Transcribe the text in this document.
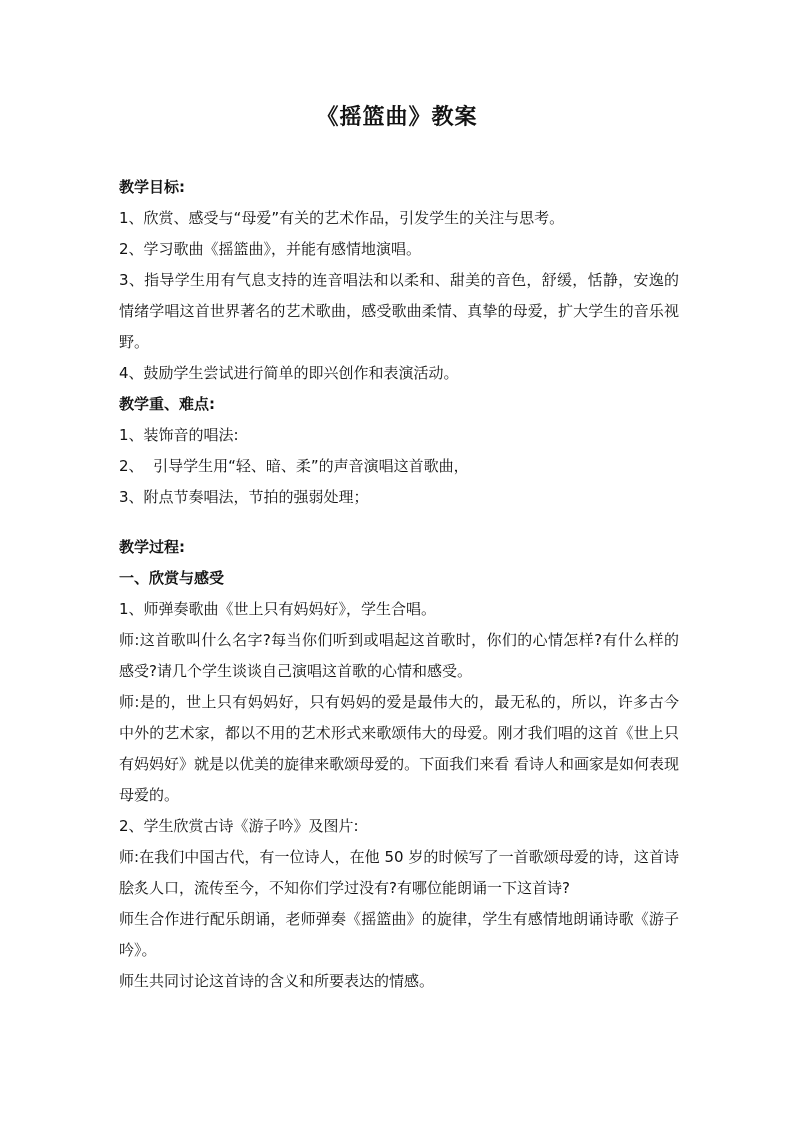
《摇篮曲》教案

教学目标:

1、欣赏、感受与“母爱”有关的艺术作品，引发学生的关注与思考。

2、学习歌曲《摇篮曲》，并能有感情地演唱。

3、指导学生用有气息支持的连音唱法和以柔和、甜美的音色，舒缓，恬静，安逸的情绪学唱这首世界著名的艺术歌曲，感受歌曲柔情、真挚的母爱，扩大学生的音乐视野。

4、鼓励学生尝试进行简单的即兴创作和表演活动。

教学重、难点:

1、装饰音的唱法:

2、  引导学生用“轻、暗、柔”的声音演唱这首歌曲，

3、附点节奏唱法，节拍的强弱处理；

教学过程:

一、欣赏与感受

1、师弹奏歌曲《世上只有妈妈好》，学生合唱。

师:这首歌叫什么名字?每当你们听到或唱起这首歌时，你们的心情怎样?有什么样的感受?请几个学生谈谈自己演唱这首歌的心情和感受。

师:是的，世上只有妈妈好，只有妈妈的爱是最伟大的，最无私的，所以，许多古今中外的艺术家，都以不用的艺术形式来歌颂伟大的母爱。刚才我们唱的这首《世上只有妈妈好》就是以优美的旋律来歌颂母爱的。下面我们来看 看诗人和画家是如何表现母爱的。

2、学生欣赏古诗《游子吟》及图片:

师:在我们中国古代，有一位诗人，在他 50 岁的时候写了一首歌颂母爱的诗，这首诗脍炙人口，流传至今，不知你们学过没有?有哪位能朗诵一下这首诗?

师生合作进行配乐朗诵，老师弹奏《摇篮曲》的旋律，学生有感情地朗诵诗歌《游子吟》。

师生共同讨论这首诗的含义和所要表达的情感。
